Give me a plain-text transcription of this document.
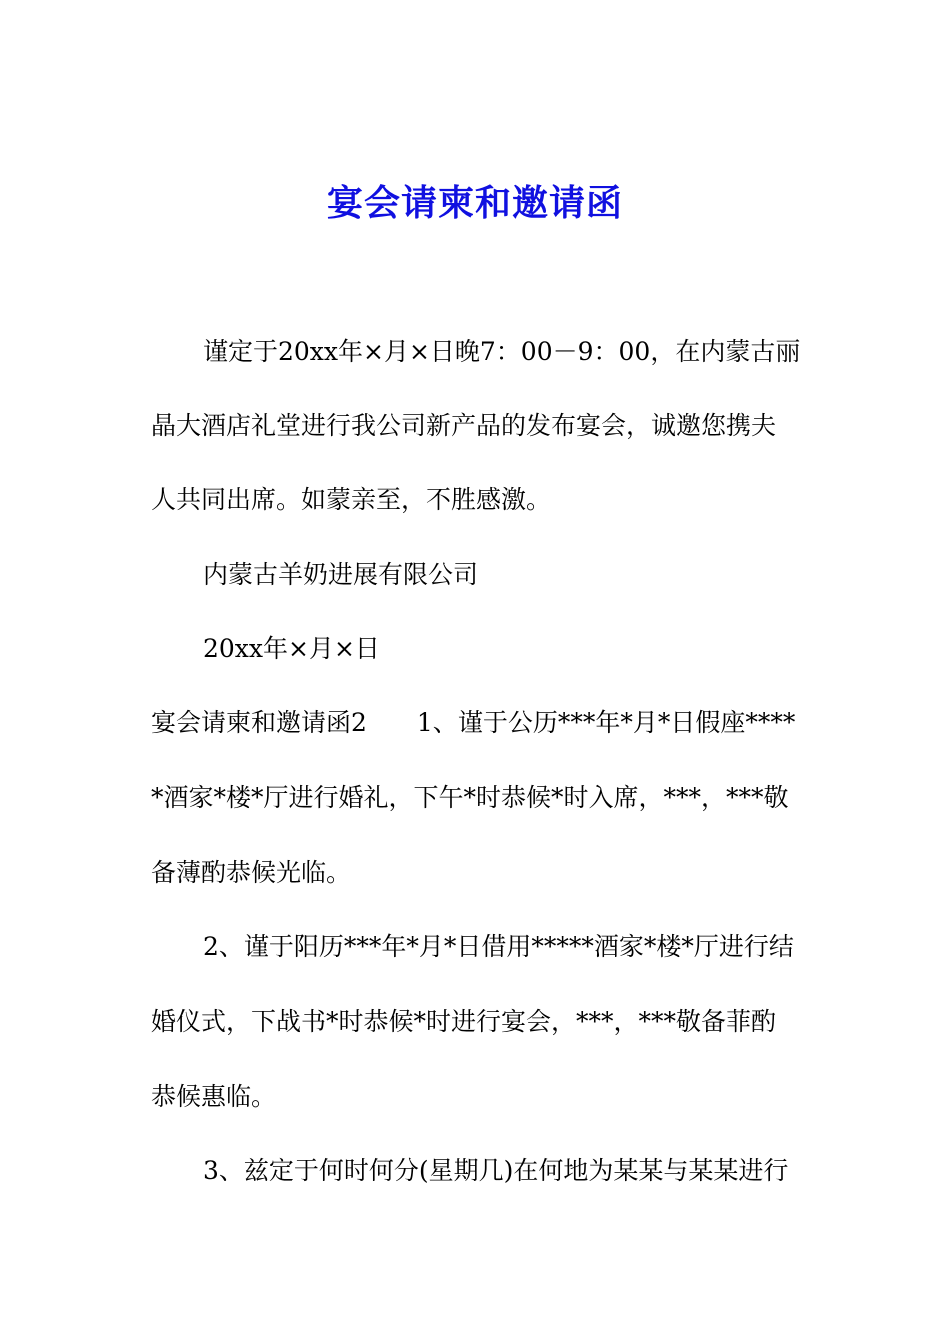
宴会请柬和邀请函
谨定于20xx年×月×日晚7：00－9：00，在内蒙古丽
晶大酒店礼堂进行我公司新产品的发布宴会，诚邀您携夫
人共同出席。如蒙亲至，不胜感激。
内蒙古羊奶进展有限公司
20xx年×月×日
宴会请柬和邀请函2　　1、谨于公历***年*月*日假座****
*酒家*楼*厅进行婚礼，下午*时恭候*时入席，***，***敬
备薄酌恭候光临。
2、谨于阳历***年*月*日借用*****酒家*楼*厅进行结
婚仪式，下战书*时恭候*时进行宴会，***，***敬备菲酌
恭候惠临。
3、兹定于何时何分(星期几)在何地为某某与某某进行
